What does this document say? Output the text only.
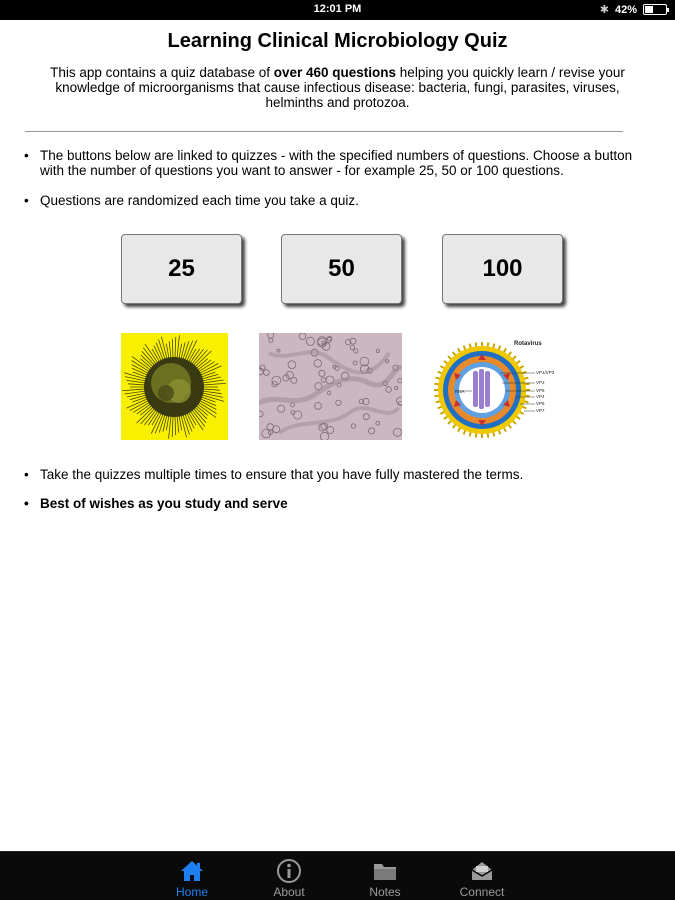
12:01 PM	✱ 42%
Learning Clinical Microbiology Quiz
This app contains a quiz database of over 460 questions helping you quickly learn / revise your knowledge of microorganisms that cause infectious disease: bacteria, fungi, parasites, viruses, helminths and protozoa.
• The buttons below are linked to quizzes - with the specified numbers of questions. Choose a button with the number of questions you want to answer - for example 25, 50 or 100 questions.
• Questions are randomized each time you take a quiz.
25	50	100
Rotavirus
VP1/VP3
VP2
VP6
VP4
VP6
VP7
RNA
• Take the quizzes multiple times to ensure that you have fully mastered the terms.
• Best of wishes as you study and serve
Home	About	Notes	Connect
